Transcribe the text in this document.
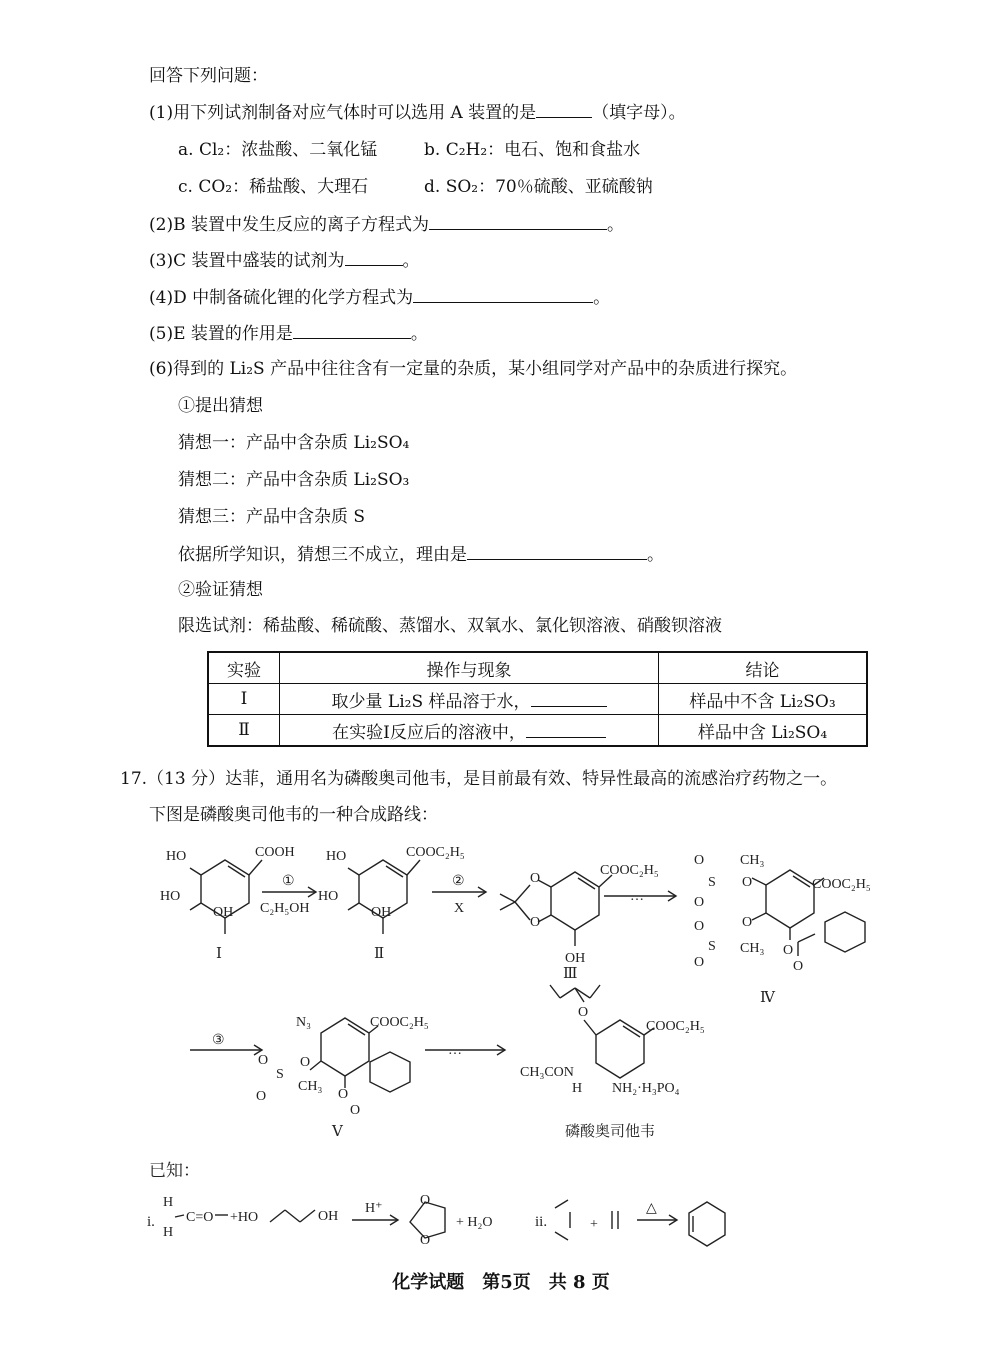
回答下列问题：
(1)用下列试剂制备对应气体时可以选用 A 装置的是	（填字母）。
a. Cl₂：浓盐酸、二氧化锰	b. C₂H₂：电石、饱和食盐水
c. CO₂：稀盐酸、大理石	d. SO₂：70％硫酸、亚硫酸钠
(2)B 装置中发生反应的离子方程式为	。
(3)C 装置中盛装的试剂为	。
(4)D 中制备硫化锂的化学方程式为	。
(5)E 装置的作用是	。
(6)得到的 Li₂S 产品中往往含有一定量的杂质，某小组同学对产品中的杂质进行探究。
①提出猜想
猜想一：产品中含杂质 Li₂SO₄
猜想二：产品中含杂质 Li₂SO₃
猜想三：产品中含杂质 S
依据所学知识，猜想三不成立，理由是	。
②验证猜想
限选试剂：稀盐酸、稀硫酸、蒸馏水、双氧水、氯化钡溶液、硝酸钡溶液
实验	操作与现象	结论
Ⅰ	取少量 Li₂S 样品溶于水，	样品中不含 Li₂SO₃
Ⅱ	在实验Ⅰ反应后的溶液中，	样品中含 Li₂SO₄
17.（13 分）达菲，通用名为磷酸奥司他韦，是目前最有效、特异性最高的流感治疗药物之一。
下图是磷酸奥司他韦的一种合成路线：
HO
HO
OH
COOH
Ⅰ
①
C₂H₅OH
HO
HO
OH
COOC₂H₅
Ⅱ
②
X
O
O
COOC₂H₅
OH
…
Ⅲ
O
S
CH₃
O
O	COOC₂H₅
O
S CH₃
O
O
O
O
Ⅳ
③
N₃	COOC₂H₅
O
O
S
CH₃
O	O
O
Ⅴ
…
O
COOC₂H₅
CH₃CON
H NH₂·H₃PO₄
磷酸奥司他韦
已知：
i.
H
H
C=O +HO	OH
H⁺
O
O
+ H₂O	ii.	+
△
化学试题　第5页　共 8 页
